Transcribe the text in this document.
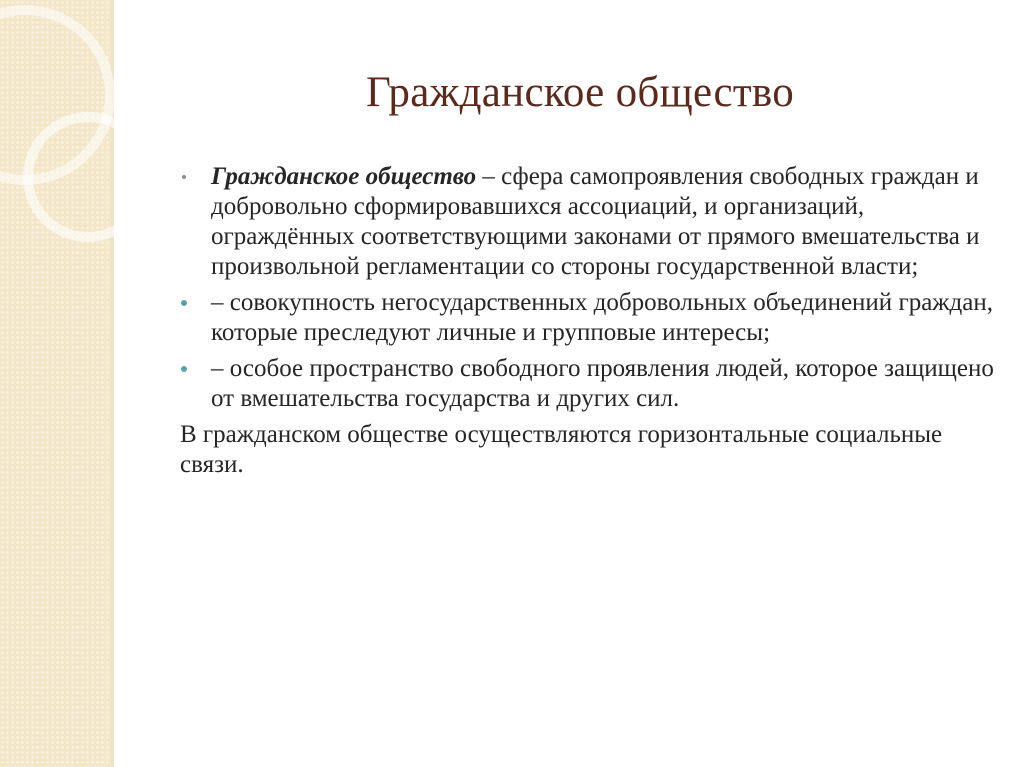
Гражданское общество
Гражданское общество – сфера самопроявления свободных граждан и добровольно сформировавшихся ассоциаций, и организаций, ограждённых соответствующими законами от прямого вмешательства и произвольной регламентации со стороны государственной власти;
– совокупность негосударственных добровольных объединений граждан, которые преследуют личные и групповые интересы;
– особое пространство свободного проявления людей, которое защищено от вмешательства государства и других сил.
В гражданском обществе осуществляются горизонтальные социальные связи.
